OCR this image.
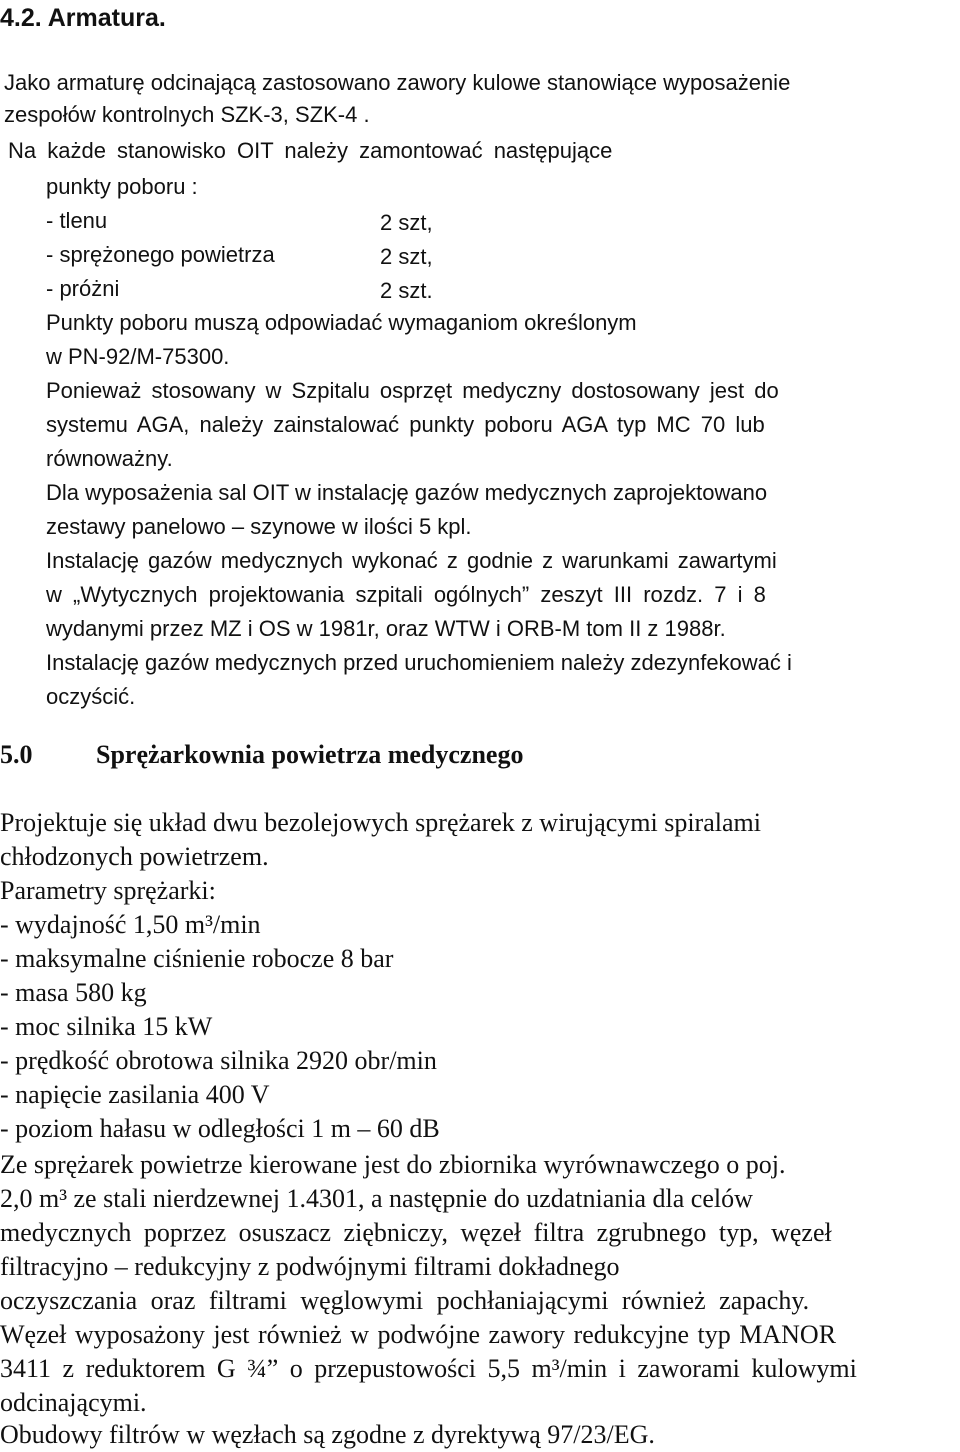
4.2. Armatura.
Jako armaturę odcinającą zastosowano zawory kulowe stanowiące wyposażenie
zespołów kontrolnych SZK-3, SZK-4 .
Na każde stanowisko OIT należy zamontować następujące
punkty poboru :
- tlenu	2 szt,
- sprężonego powietrza	2 szt,
- próżni	2 szt.
Punkty poboru muszą odpowiadać wymaganiom określonym
w PN-92/M-75300.
Ponieważ stosowany w Szpitalu osprzęt medyczny dostosowany jest do
systemu AGA, należy zainstalować punkty poboru AGA typ MC 70 lub
równoważny.
Dla wyposażenia sal OIT w instalację gazów medycznych zaprojektowano
zestawy panelowo – szynowe w ilości 5 kpl.
Instalację gazów medycznych wykonać z godnie z warunkami zawartymi
w „Wytycznych projektowania szpitali ogólnych” zeszyt III rozdz. 7 i 8
wydanymi przez MZ i OS w 1981r, oraz WTW i ORB-M tom II z 1988r.
Instalację gazów medycznych przed uruchomieniem należy zdezynfekować i
oczyścić.
5.0 Sprężarkownia powietrza medycznego
Projektuje się układ dwu bezolejowych sprężarek z wirującymi spiralami
chłodzonych powietrzem.
Parametry sprężarki:
- wydajność 1,50 m³/min
- maksymalne ciśnienie robocze 8 bar
- masa 580 kg
- moc silnika 15 kW
- prędkość obrotowa silnika 2920 obr/min
- napięcie zasilania 400 V
- poziom hałasu w odległości 1 m – 60 dB
Ze sprężarek powietrze kierowane jest do zbiornika wyrównawczego o poj.
2,0 m³ ze stali nierdzewnej 1.4301, a następnie do uzdatniania dla celów
medycznych poprzez osuszacz ziębniczy, węzeł filtra zgrubnego typ, węzeł
filtracyjno – redukcyjny z podwójnymi filtrami dokładnego
oczyszczania oraz filtrami węglowymi pochłaniającymi również zapachy.
Węzeł wyposażony jest również w podwójne zawory redukcyjne typ MANOR
3411 z reduktorem G ¾” o przepustowości 5,5 m³/min i zaworami kulowymi
odcinającymi.
Obudowy filtrów w węzłach są zgodne z dyrektywą 97/23/EG.
